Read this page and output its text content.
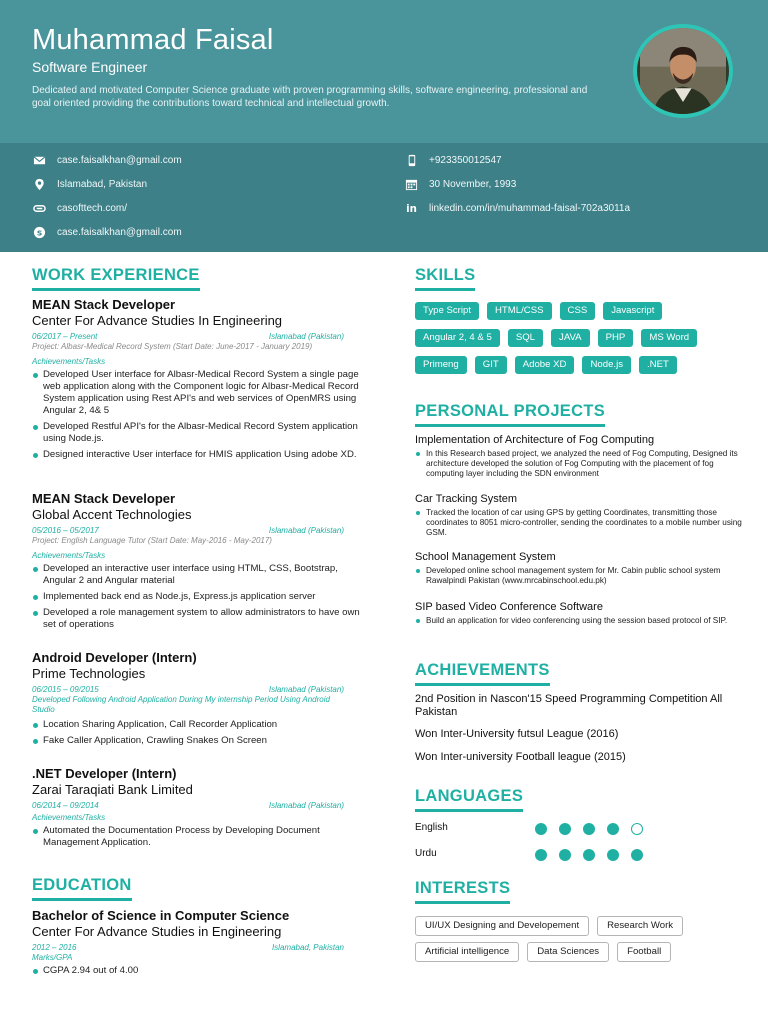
Muhammad Faisal
Software Engineer
Dedicated and motivated Computer Science graduate with proven programming skills, software engineering, professional and goal oriented providing the contributions toward technical and intellectual growth.
case.faisalkhan@gmail.com
Islamabad, Pakistan
casofttech.com/
S case.faisalkhan@gmail.com
+923350012547
30 November, 1993
in linkedin.com/in/muhammad-faisal-702a3011a
WORK EXPERIENCE
MEAN Stack Developer
Center For Advance Studies In Engineering
06/2017 – Present	Islamabad (Pakistan)
Project: Albasr-Medical Record System (Start Date: June-2017 - January 2019)
Achievements/Tasks
Developed User interface for Albasr-Medical Record System a single page web application along with the Component logic for Albasr-Medical Record System application using Rest API's and web services of OpenMRS using Angular 2, 4& 5
Developed Restful API's for the Albasr-Medical Record System application using Node.js.
Designed interactive User interface for HMIS application Using adobe XD.
MEAN Stack Developer
Global Accent Technologies
05/2016 – 05/2017	Islamabad (Pakistan)
Project: English Language Tutor (Start Date: May-2016 - May-2017)
Achievements/Tasks
Developed an interactive user interface using HTML, CSS, Bootstrap, Angular 2 and Angular material
Implemented back end as Node.js, Express.js application server
Developed a role management system to allow administrators to have own set of operations
Android Developer (Intern)
Prime Technologies
06/2015 – 09/2015	Islamabad (Pakistan)
Developed Following Android Application During My internship Period Using Android Studio
Location Sharing Application, Call Recorder Application
Fake Caller Application, Crawling Snakes On Screen
.NET Developer (Intern)
Zarai Taraqiati Bank Limited
06/2014 – 09/2014	Islamabad (Pakistan)
Achievements/Tasks
Automated the Documentation Process by Developing Document Management Application.
EDUCATION
Bachelor of Science in Computer Science
Center For Advance Studies in Engineering
2012 – 2016	Islamabad, Pakistan
Marks/GPA
CGPA 2.94 out of 4.00
SKILLS
Type Script	HTML/CSS	CSS	Javascript
Angular 2, 4 & 5	SQL	JAVA	PHP	MS Word
Primeng	GIT	Adobe XD	Node.js	.NET
PERSONAL PROJECTS
Implementation of Architecture of Fog Computing
In this Research based project, we analyzed the need of Fog Computing, Designed its architecture developed the solution of Fog Computing with the placement of fog computing layer including the SDN environment
Car Tracking System
Tracked the location of car using GPS by getting Coordinates, transmitting those coordinates to 8051 micro-controller, sending the coordinates to a mobile number using GSM.
School Management System
Developed online school management system for Mr. Cabin public school system Rawalpindi Pakistan (www.mrcabinschool.edu.pk)
SIP based Video Conference Software
Build an application for video conferencing using the session based protocol of SIP.
ACHIEVEMENTS
2nd Position in Nascon'15 Speed Programming Competition All Pakistan
Won Inter-University futsul League (2016)
Won Inter-university Football league (2015)
LANGUAGES
English
Urdu
INTERESTS
UI/UX Designing and Developement	Research Work
Artificial intelligence	Data Sciences	Football
